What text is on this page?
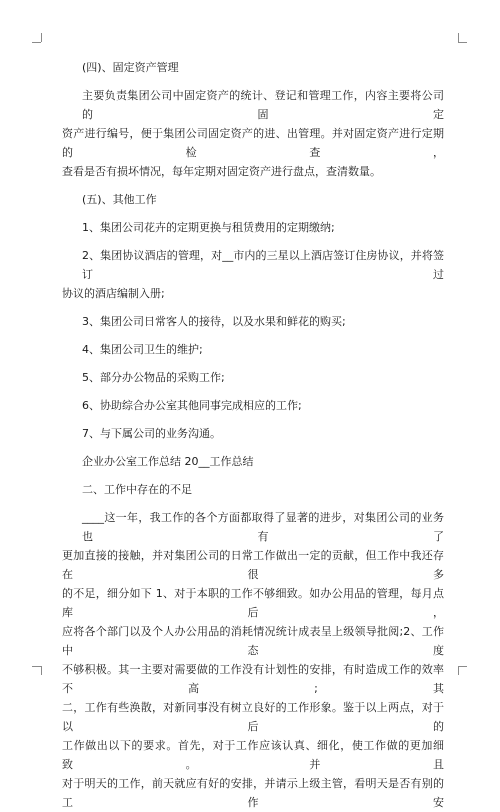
(四)、固定资产管理
主要负责集团公司中固定资产的统计、登记和管理工作，内容主要将公司的固定
资产进行编号，便于集团公司固定资产的进、出管理。并对固定资产进行定期的检查，
查看是否有损坏情况，每年定期对固定资产进行盘点，查清数量。
(五)、其他工作
1、集团公司花卉的定期更换与租赁费用的定期缴纳;
2、集团协议酒店的管理，对__市内的三星以上酒店签订住房协议，并将签订过
协议的酒店编制入册;
3、集团公司日常客人的接待，以及水果和鲜花的购买;
4、集团公司卫生的维护;
5、部分办公物品的采购工作;
6、协助综合办公室其他同事完成相应的工作;
7、与下属公司的业务沟通。
企业办公室工作总结 20__工作总结
二、工作中存在的不足
____这一年，我工作的各个方面都取得了显著的进步，对集团公司的业务也有了
更加直接的接触，并对集团公司的日常工作做出一定的贡献，但工作中我还存在很多
的不足，细分如下 1、对于本职的工作不够细致。如办公用品的管理，每月点库后，
应将各个部门以及个人办公用品的消耗情况统计成表呈上级领导批阅;2、工作中态度
不够积极。其一主要对需要做的工作没有计划性的安排，有时造成工作的效率不高;其
二，工作有些涣散，对新同事没有树立良好的工作形象。鉴于以上两点，对于以后的
工作做出以下的要求。首先，对于工作应该认真、细化，使工作做的更加细致。并且
对于明天的工作，前天就应有好的安排，并请示上级主管，看明天是否有别的工作安
